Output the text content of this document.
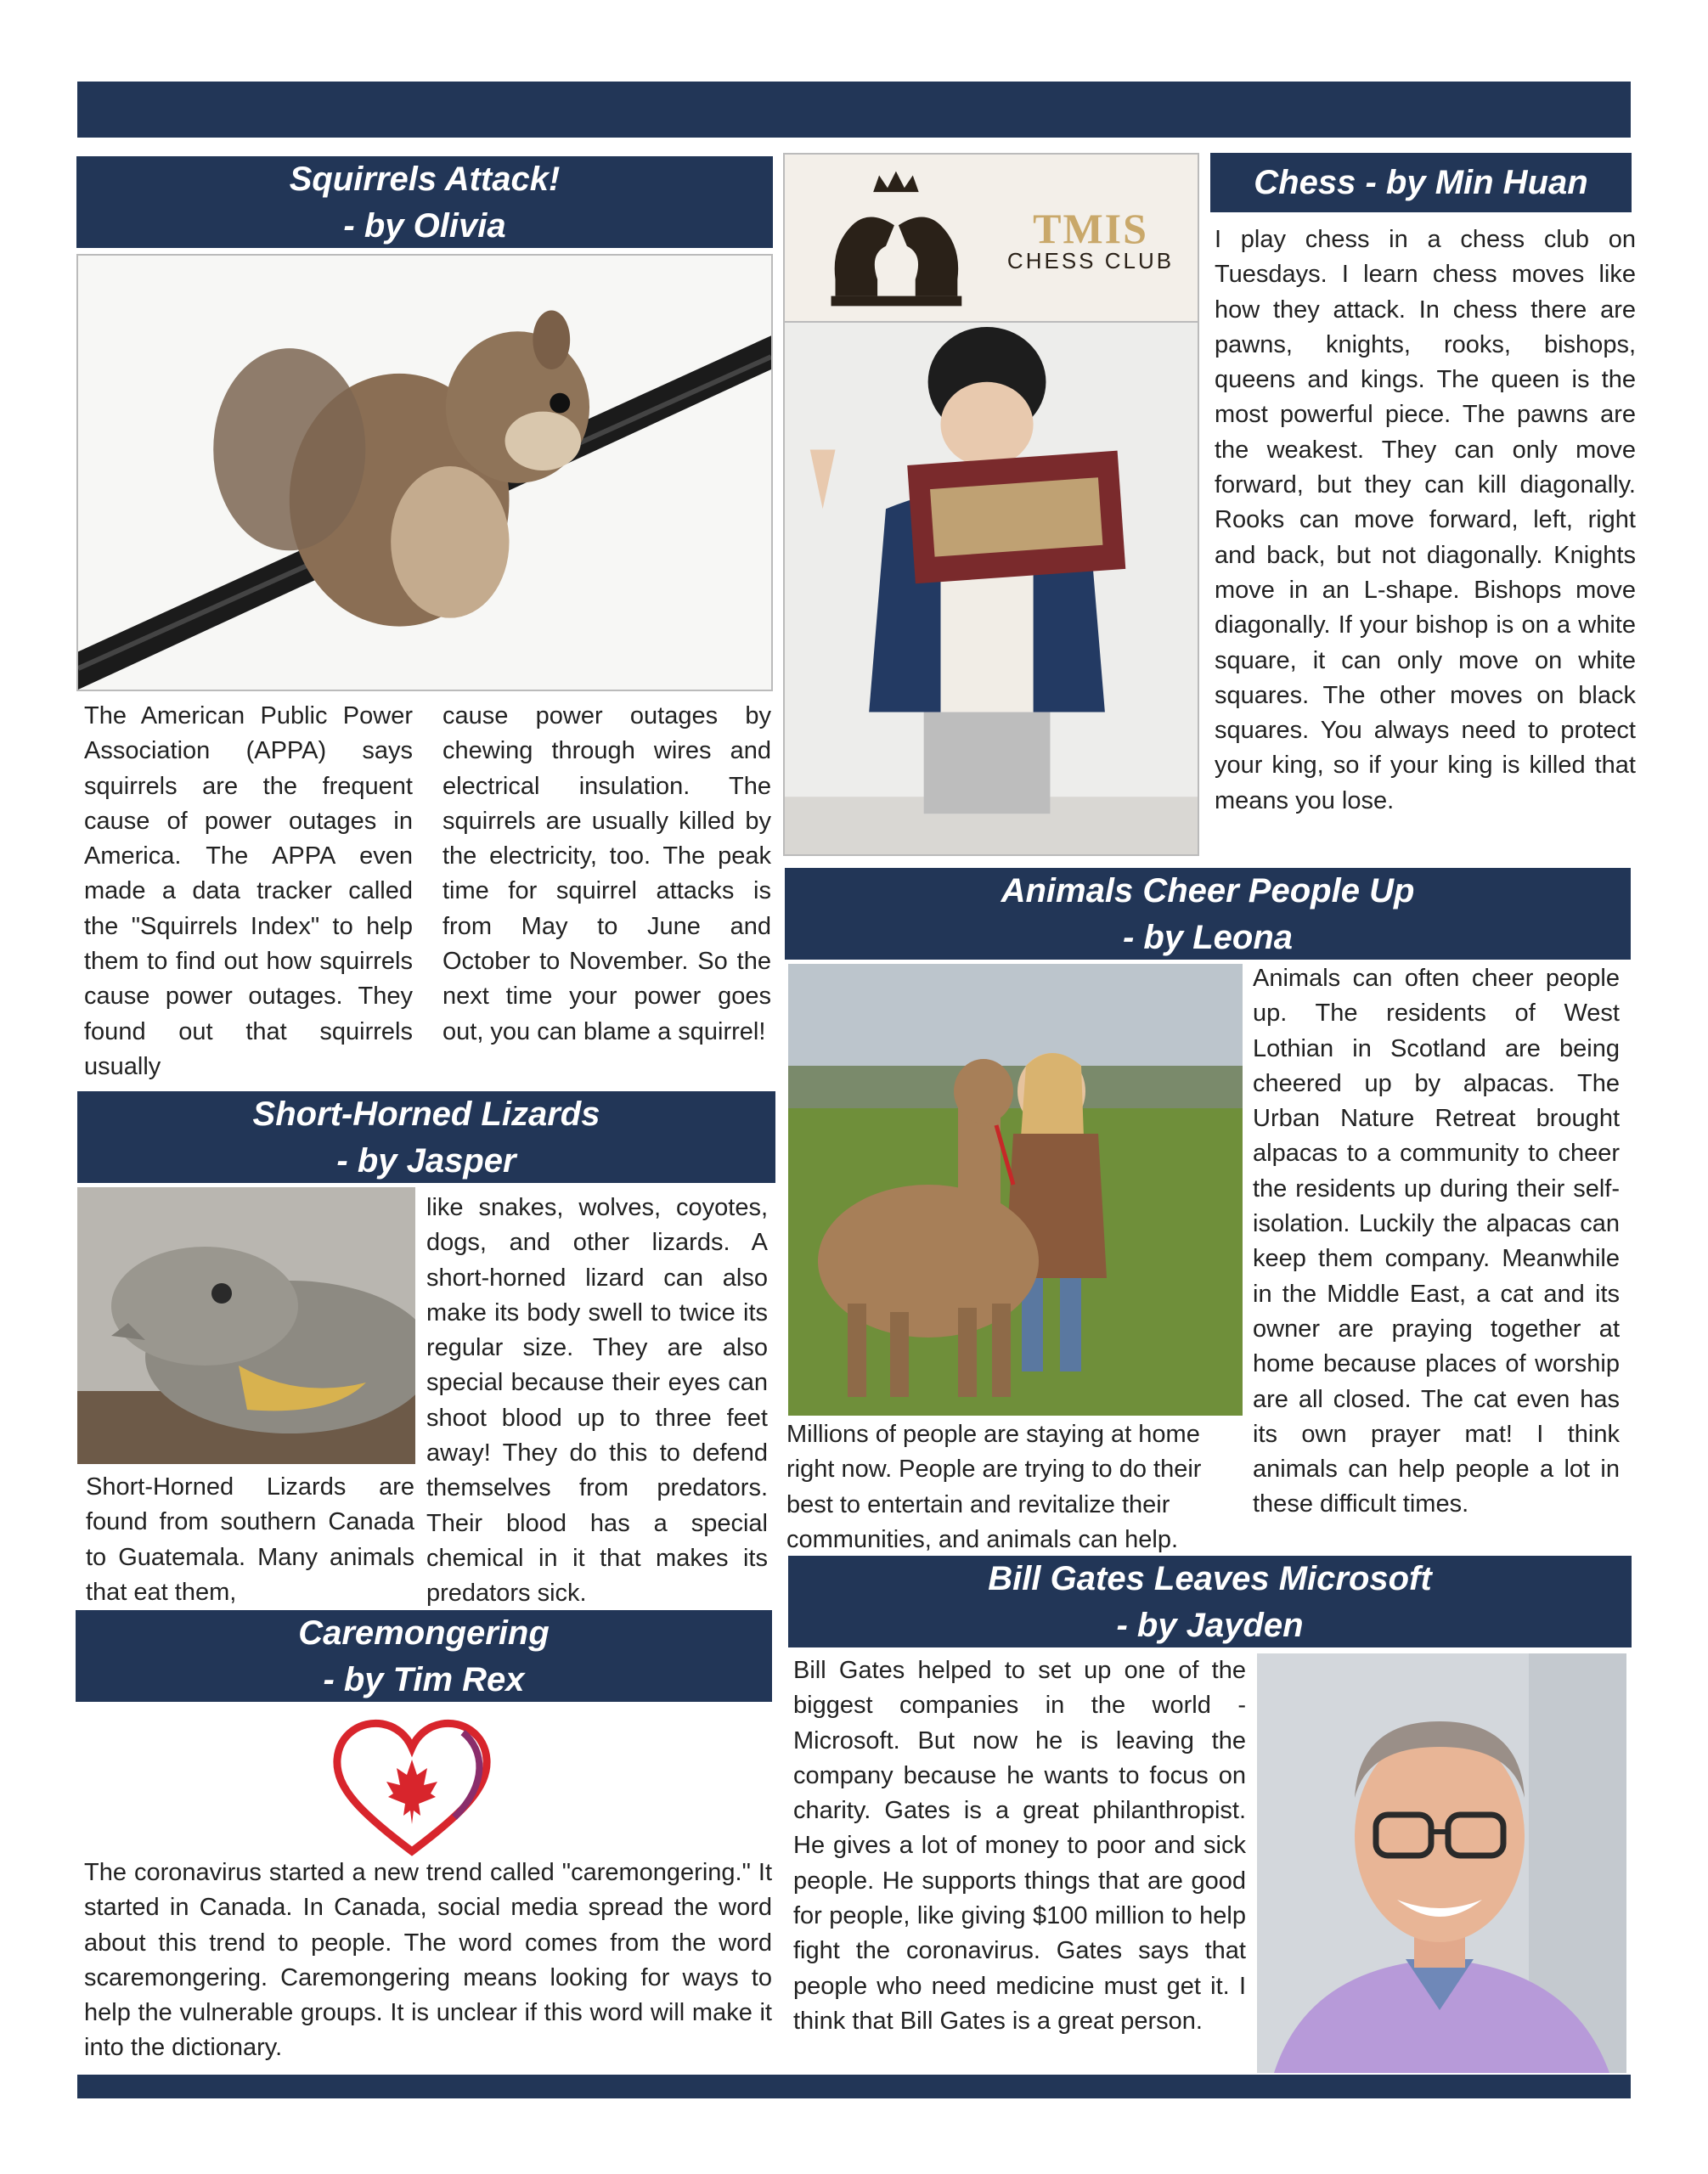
Squirrels Attack!
- by Olivia
The American Public Power Association (APPA) says squirrels are the frequent cause of power outages in America. The APPA even made a data tracker called the "Squirrels Index" to help them to find out how squirrels cause power outages. They found out that squirrels usually
cause power outages by chewing through wires and electrical insulation. The squirrels are usually killed by the electricity, too. The peak time for squirrel attacks is from May to June and October to November. So the next time your power goes out, you can blame a squirrel!
Short-Horned Lizards
- by Jasper
like snakes, wolves, coyotes, dogs, and other lizards. A short-horned lizard can also make its body swell to twice its regular size. They are also special because their eyes can shoot blood up to three feet away! They do this to defend themselves from predators. Their blood has a special chemical in it that makes its predators sick.
Short-Horned Lizards are found from southern Canada to Guatemala. Many animals that eat them,
Caremongering
- by Tim Rex
The coronavirus started a new trend called "caremongering." It started in Canada. In Canada, social media spread the word about this trend to people. The word comes from the word scaremongering. Caremongering means looking for ways to help the vulnerable groups. It is unclear if this word will make it into the dictionary.
TMIS
CHESS CLUB
Chess - by Min Huan
I play chess in a chess club on Tuesdays. I learn chess moves like how they attack. In chess there are pawns, knights, rooks, bishops, queens and kings. The queen is the most powerful piece. The pawns are the weakest. They can only move forward, but they can kill diagonally. Rooks can move forward, left, right and back, but not diagonally. Knights move in an L-shape. Bishops move diagonally. If your bishop is on a white square, it can only move on white squares. The other moves on black squares. You always need to protect your king, so if your king is killed that means you lose.
Animals Cheer People Up
- by Leona
Animals can often cheer people up. The residents of West Lothian in Scotland are being cheered up by alpacas. The Urban Nature Retreat brought alpacas to a community to cheer the residents up during their self-isolation. Luckily the alpacas can keep them company. Meanwhile in the Middle East, a cat and its owner are praying together at home because places of worship are all closed. The cat even has its own prayer mat! I think animals can help people a lot in these difficult times.
Millions of people are staying at home right now. People are trying to do their best to entertain and revitalize their communities, and animals can help.
Bill Gates Leaves Microsoft
- by Jayden
Bill Gates helped to set up one of the biggest companies in the world - Microsoft. But now he is leaving the company because he wants to focus on charity. Gates is a great philanthropist. He gives a lot of money to poor and sick people. He supports things that are good for people, like giving $100 million to help fight the coronavirus. Gates says that people who need medicine must get it. I think that Bill Gates is a great person.
